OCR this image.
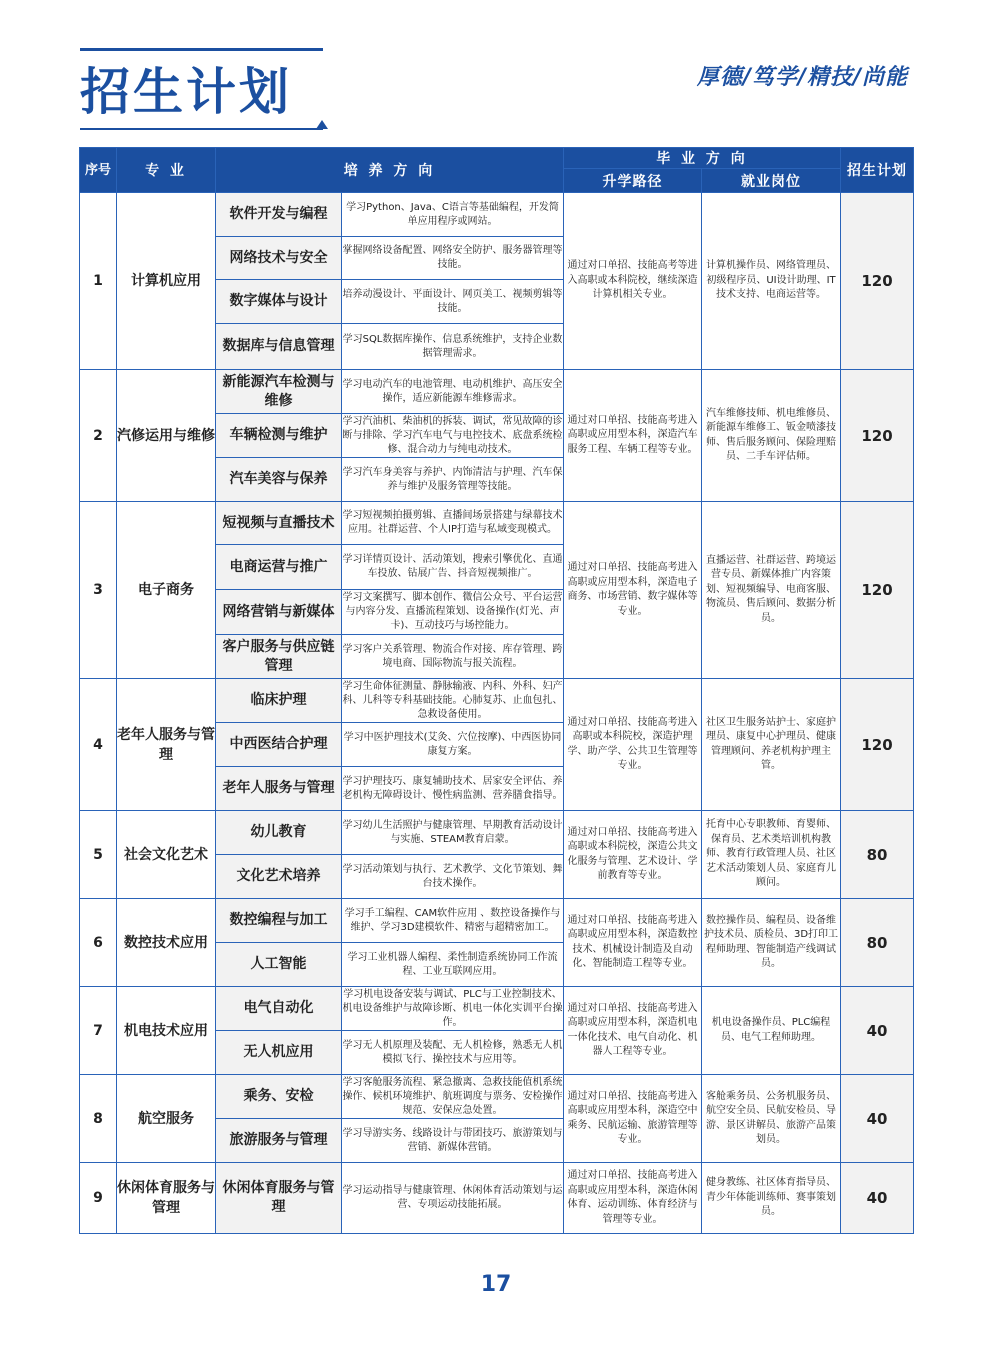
招生计划	厚德/笃学/精技/尚能
序号	专 业	培 养 方 向		毕 业 方 向		招生计划
				升学路径	就业岗位	
1	计算机应用	软件开发与编程	学习Python、Java、C语言等基础编程，开发简单应用程序或网站。	通过对口单招、技能高考等进入高职或本科院校，继续深造计算机相关专业。	计算机操作员、网络管理员、初级程序员、UI设计助理、IT技术支持、电商运营等。	120
		网络技术与安全	掌握网络设备配置、网络安全防护、服务器管理等技能。			
		数字媒体与设计	培养动漫设计、平面设计、网页美工、视频剪辑等技能。			
		数据库与信息管理	学习SQL数据库操作、信息系统维护，支持企业数据管理需求。			
2	汽修运用与维修	新能源汽车检测与维修	学习电动汽车的电池管理、电动机维护、高压安全操作，适应新能源车维修需求。	通过对口单招、技能高考进入高职或应用型本科，深造汽车服务工程、车辆工程等专业。	汽车维修技师、机电维修员、新能源车维修工、钣金喷漆技师、售后服务顾问、保险理赔员、二手车评估师。	120
		车辆检测与维护	学习汽油机、柴油机的拆装、调试，常见故障的诊断与排除、学习汽车电气与电控技术、底盘系统检修、混合动力与纯电动技术。			
		汽车美容与保养	学习汽车身美容与养护、内饰清洁与护理、汽车保养与维护及服务管理等技能。			
3	电子商务	短视频与直播技术	学习短视频拍摄剪辑、直播间场景搭建与绿幕技术应用。社群运营、个人IP打造与私域变现模式。	通过对口单招、技能高考进入高职或应用型本科，深造电子商务、市场营销、数字媒体等专业。	直播运营、社群运营、跨境运营专员、新媒体推广内容策划、短视频编导、电商客服、物流员、售后顾问、数据分析员。	120
		电商运营与推广	学习详情页设计、活动策划，搜索引擎优化、直通车投放、钻展广告、抖音短视频推广。			
		网络营销与新媒体	学习文案撰写、脚本创作、微信公众号、平台运营与内容分发、直播流程策划、设备操作(灯光、声卡)、互动技巧与场控能力。			
		客户服务与供应链管理	学习客户关系管理、物流合作对接、库存管理、跨境电商、国际物流与报关流程。			
4	老年人服务与管理	临床护理	学习生命体征测量、静脉输液、内科、外科、妇产科、儿科等专科基础技能。心肺复苏、止血包扎、急救设备使用。	通过对口单招、技能高考进入高职或本科院校，深造护理学、助产学、公共卫生管理等专业。	社区卫生服务站护士、家庭护理员、康复中心护理员、健康管理顾问、养老机构护理主管。	120
		中西医结合护理	学习中医护理技术(艾灸、穴位按摩)、中西医协同康复方案。			
		老年人服务与管理	学习护理技巧、康复辅助技术、居家安全评估、养老机构无障碍设计、慢性病监测、营养膳食指导。			
5	社会文化艺术	幼儿教育	学习幼儿生活照护与健康管理、早期教育活动设计与实施、STEAM教育启蒙。	通过对口单招、技能高考进入高职或本科院校，深造公共文化服务与管理、艺术设计、学前教育等专业。	托育中心专职教师、育婴师、保育员、艺术类培训机构教师、教育行政管理人员、社区艺术活动策划人员、家庭育儿顾问。	80
		文化艺术培养	学习活动策划与执行、艺术教学、文化节策划、舞台技术操作。			
6	数控技术应用	数控编程与加工	学习手工编程、CAM软件应用 、数控设备操作与维护、学习3D建模软件、精密与超精密加工。	通过对口单招、技能高考进入高职或应用型本科，深造数控技术、机械设计制造及自动化、智能制造工程等专业。	数控操作员、编程员、设备维护技术员、质检员、3D打印工程师助理、智能制造产线调试员。	80
		人工智能	学习工业机器人编程、柔性制造系统协同工作流程、工业互联网应用。			
7	机电技术应用	电气自动化	学习机电设备安装与调试、PLC与工业控制技术、机电设备维护与故障诊断、机电一体化实训平台操作。	通过对口单招、技能高考进入高职或应用型本科，深造机电一体化技术、电气自动化、机器人工程等专业。	机电设备操作员、PLC编程员、电气工程师助理。	40
		无人机应用	学习无人机原理及装配、无人机检修，熟悉无人机模拟飞行、操控技术与应用等。			
8	航空服务	乘务、安检	学习客舱服务流程、紧急撤离、急救技能值机系统操作、候机环境维护、航班调度与票务、安检操作规范、安保应急处置。	通过对口单招、技能高考进入高职或应用型本科，深造空中乘务、民航运输、旅游管理等专业。	客舱乘务员、公务机服务员、航空安全员、民航安检员、导游、景区讲解员、旅游产品策划员。	40
		旅游服务与管理	学习导游实务、线路设计与带团技巧、旅游策划与营销、新媒体营销。			
9	休闲体育服务与管理	休闲体育服务与管理	学习运动指导与健康管理、休闲体育活动策划与运营、专项运动技能拓展。	通过对口单招、技能高考进入高职或应用型本科，深造休闲体育、运动训练、体育经济与管理等专业。	健身教练、社区体育指导员、青少年体能训练师、赛事策划员。	40
17
